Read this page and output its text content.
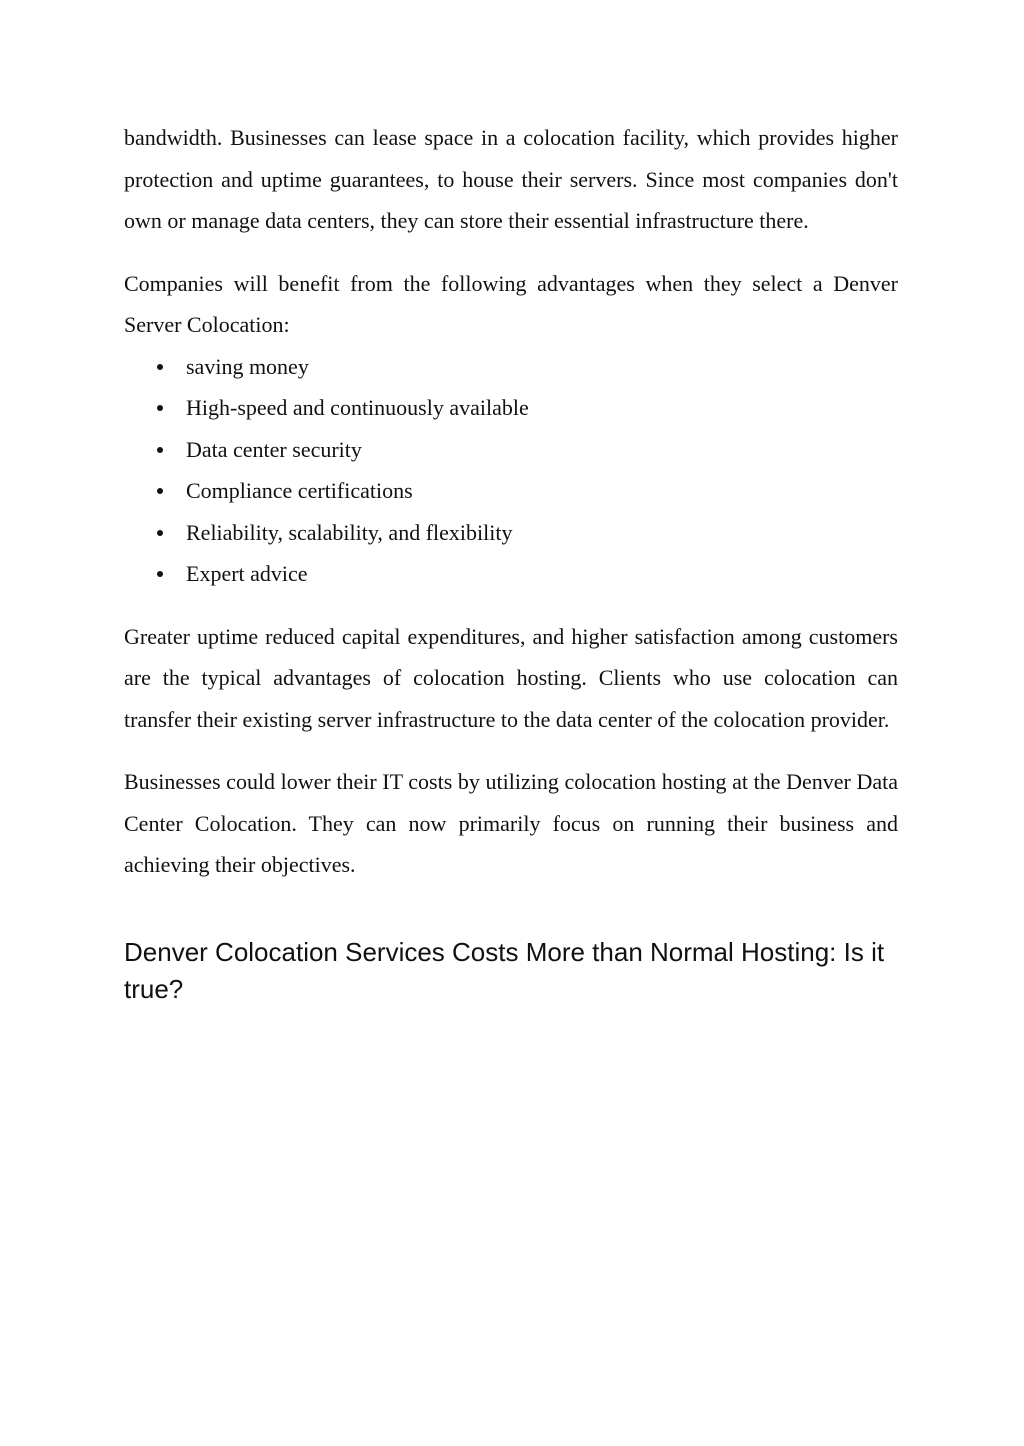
bandwidth. Businesses can lease space in a colocation facility, which provides higher protection and uptime guarantees, to house their servers. Since most companies don't own or manage data centers, they can store their essential infrastructure there.

Companies will benefit from the following advantages when they select a Denver Server Colocation:

saving money
High-speed and continuously available
Data center security
Compliance certifications
Reliability, scalability, and flexibility
Expert advice

Greater uptime reduced capital expenditures, and higher satisfaction among customers are the typical advantages of colocation hosting. Clients who use colocation can transfer their existing server infrastructure to the data center of the colocation provider.

Businesses could lower their IT costs by utilizing colocation hosting at the Denver Data Center Colocation. They can now primarily focus on running their business and achieving their objectives.

Denver Colocation Services Costs More than Normal Hosting: Is it true?
